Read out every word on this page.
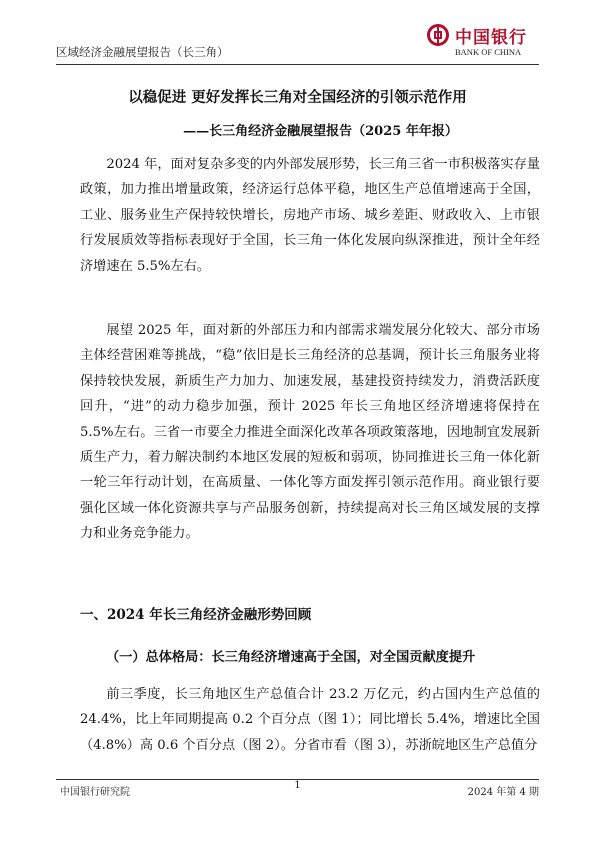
区域经济金融展望报告（长三角）
中国银行
BANK OF CHINA
以稳促进 更好发挥长三角对全国经济的引领示范作用
——长三角经济金融展望报告（2025 年年报）

2024 年，面对复杂多变的内外部发展形势，长三角三省一市积极落实存量政策，加力推出增量政策，经济运行总体平稳，地区生产总值增速高于全国，工业、服务业生产保持较快增长，房地产市场、城乡差距、财政收入、上市银行发展质效等指标表现好于全国，长三角一体化发展向纵深推进，预计全年经济增速在 5.5%左右。

展望 2025 年，面对新的外部压力和内部需求端发展分化较大、部分市场主体经营困难等挑战，“稳”依旧是长三角经济的总基调，预计长三角服务业将保持较快发展，新质生产力加力、加速发展，基建投资持续发力，消费活跃度回升，“进”的动力稳步加强，预计 2025 年长三角地区经济增速将保持在 5.5%左右。三省一市要全力推进全面深化改革各项政策落地，因地制宜发展新质生产力，着力解决制约本地区发展的短板和弱项，协同推进长三角一体化新一轮三年行动计划，在高质量、一体化等方面发挥引领示范作用。商业银行要强化区域一体化资源共享与产品服务创新，持续提高对长三角区域发展的支撑力和业务竞争能力。

一、2024 年长三角经济金融形势回顾
（一）总体格局：长三角经济增速高于全国，对全国贡献度提升

前三季度，长三角地区生产总值合计 23.2 万亿元，约占国内生产总值的 24.4%，比上年同期提高 0.2 个百分点（图 1）；同比增长 5.4%，增速比全国（4.8%）高 0.6 个百分点（图 2）。分省市看（图 3），苏浙皖地区生产总值分

中国银行研究院
1
2024 年第 4 期
